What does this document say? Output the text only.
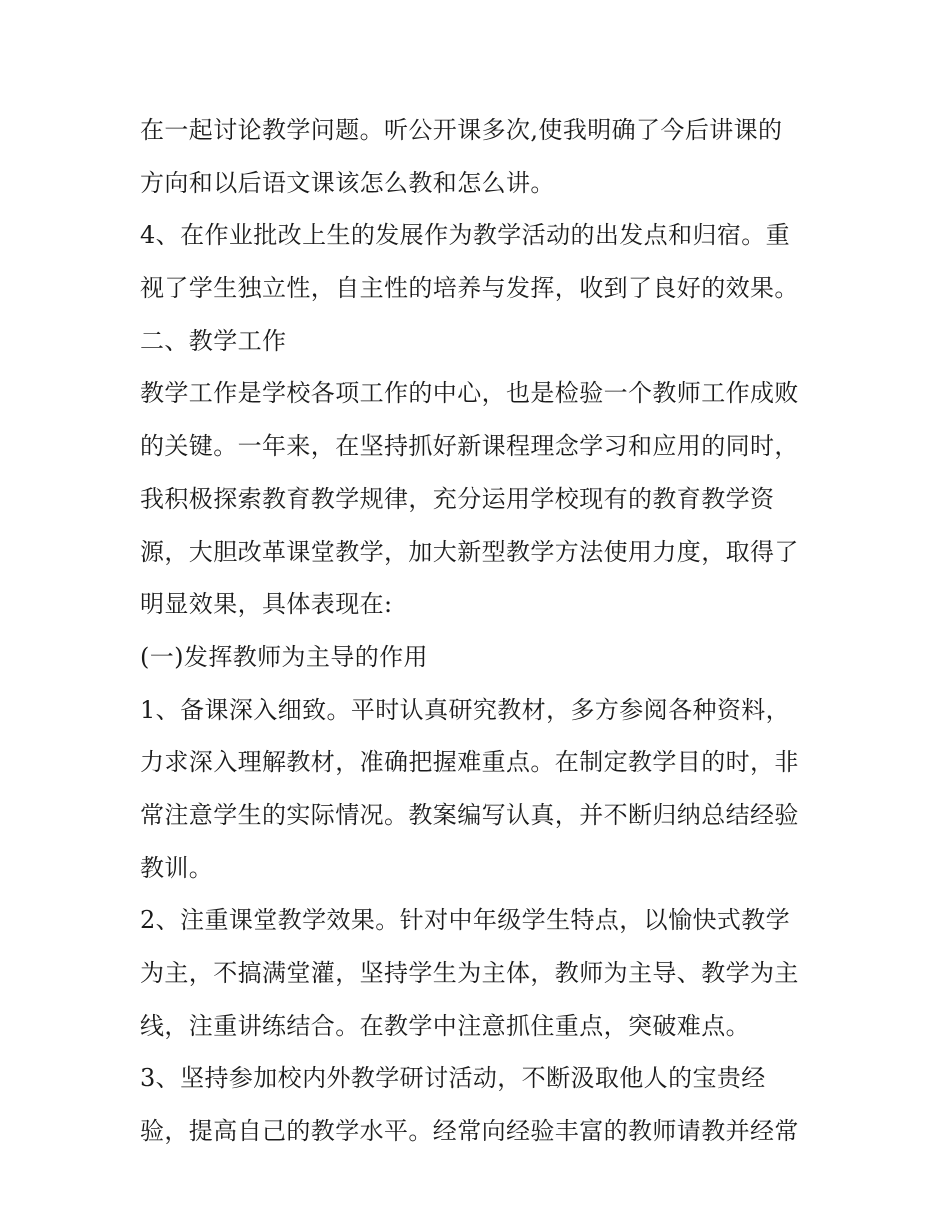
在一起讨论教学问题。听公开课多次,使我明确了今后讲课的
方向和以后语文课该怎么教和怎么讲。
4、在作业批改上生的发展作为教学活动的出发点和归宿。重
视了学生独立性，自主性的培养与发挥，收到了良好的效果。
二、教学工作
教学工作是学校各项工作的中心，也是检验一个教师工作成败
的关键。一年来，在坚持抓好新课程理念学习和应用的同时，
我积极探索教育教学规律，充分运用学校现有的教育教学资
源，大胆改革课堂教学，加大新型教学方法使用力度，取得了
明显效果，具体表现在:
(一)发挥教师为主导的作用
1、备课深入细致。平时认真研究教材，多方参阅各种资料，
力求深入理解教材，准确把握难重点。在制定教学目的时，非
常注意学生的实际情况。教案编写认真，并不断归纳总结经验
教训。
2、注重课堂教学效果。针对中年级学生特点，以愉快式教学
为主，不搞满堂灌，坚持学生为主体，教师为主导、教学为主
线，注重讲练结合。在教学中注意抓住重点，突破难点。
3、坚持参加校内外教学研讨活动，不断汲取他人的宝贵经
验，提高自己的教学水平。经常向经验丰富的教师请教并经常
